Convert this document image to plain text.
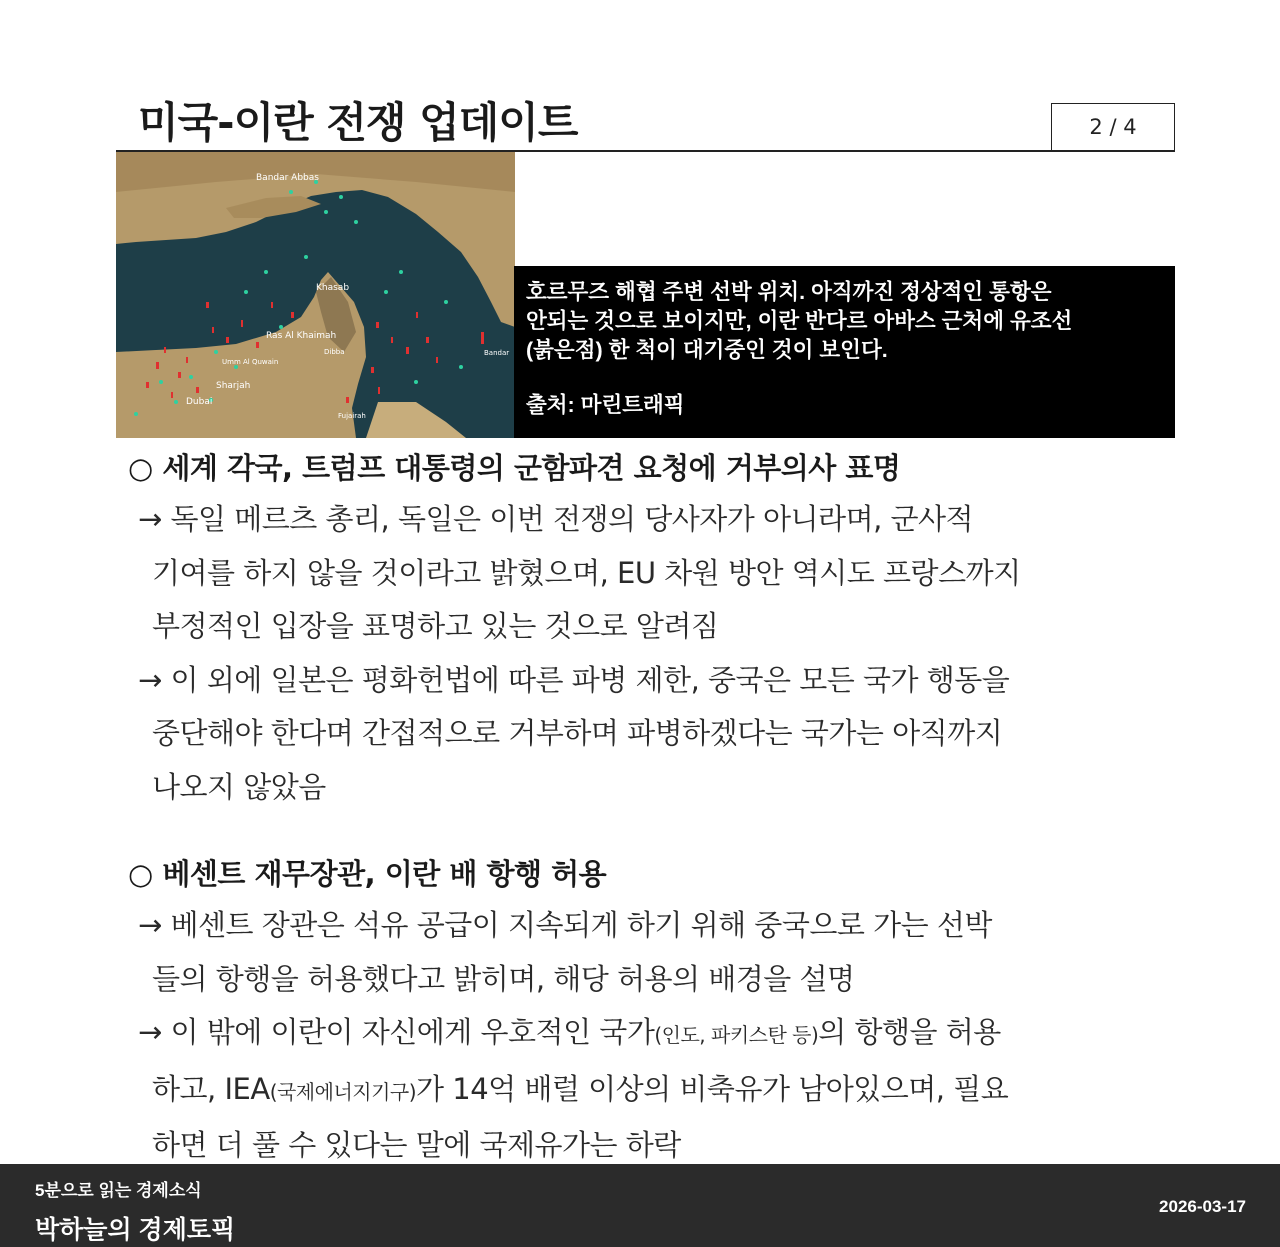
미국-이란 전쟁 업데이트	2 / 4
Bandar Abbas
Khasab
Ras Al Khaimah
Umm Al Quwain
Sharjah
Dubai
Dibba
Fujairah
Bandar
호르무즈 해협 주변 선박 위치. 아직까진 정상적인 통항은
안되는 것으로 보이지만, 이란 반다르 아바스 근처에 유조선
(붉은점) 한 척이 대기중인 것이 보인다.
출처: 마린트래픽
○ 세계 각국, 트럼프 대통령의 군함파견 요청에 거부의사 표명
→ 독일 메르츠 총리, 독일은 이번 전쟁의 당사자가 아니라며, 군사적
기여를 하지 않을 것이라고 밝혔으며, EU 차원 방안 역시도 프랑스까지
부정적인 입장을 표명하고 있는 것으로 알려짐
→ 이 외에 일본은 평화헌법에 따른 파병 제한, 중국은 모든 국가 행동을
중단해야 한다며 간접적으로 거부하며 파병하겠다는 국가는 아직까지
나오지 않았음
○ 베센트 재무장관, 이란 배 항행 허용
→ 베센트 장관은 석유 공급이 지속되게 하기 위해 중국으로 가는 선박
들의 항행을 허용했다고 밝히며, 해당 허용의 배경을 설명
→ 이 밖에 이란이 자신에게 우호적인 국가(인도, 파키스탄 등)의 항행을 허용
하고, IEA(국제에너지기구)가 14억 배럴 이상의 비축유가 남아있으며, 필요
하면 더 풀 수 있다는 말에 국제유가는 하락
5분으로 읽는 경제소식
박하늘의 경제토픽
2026-03-17
